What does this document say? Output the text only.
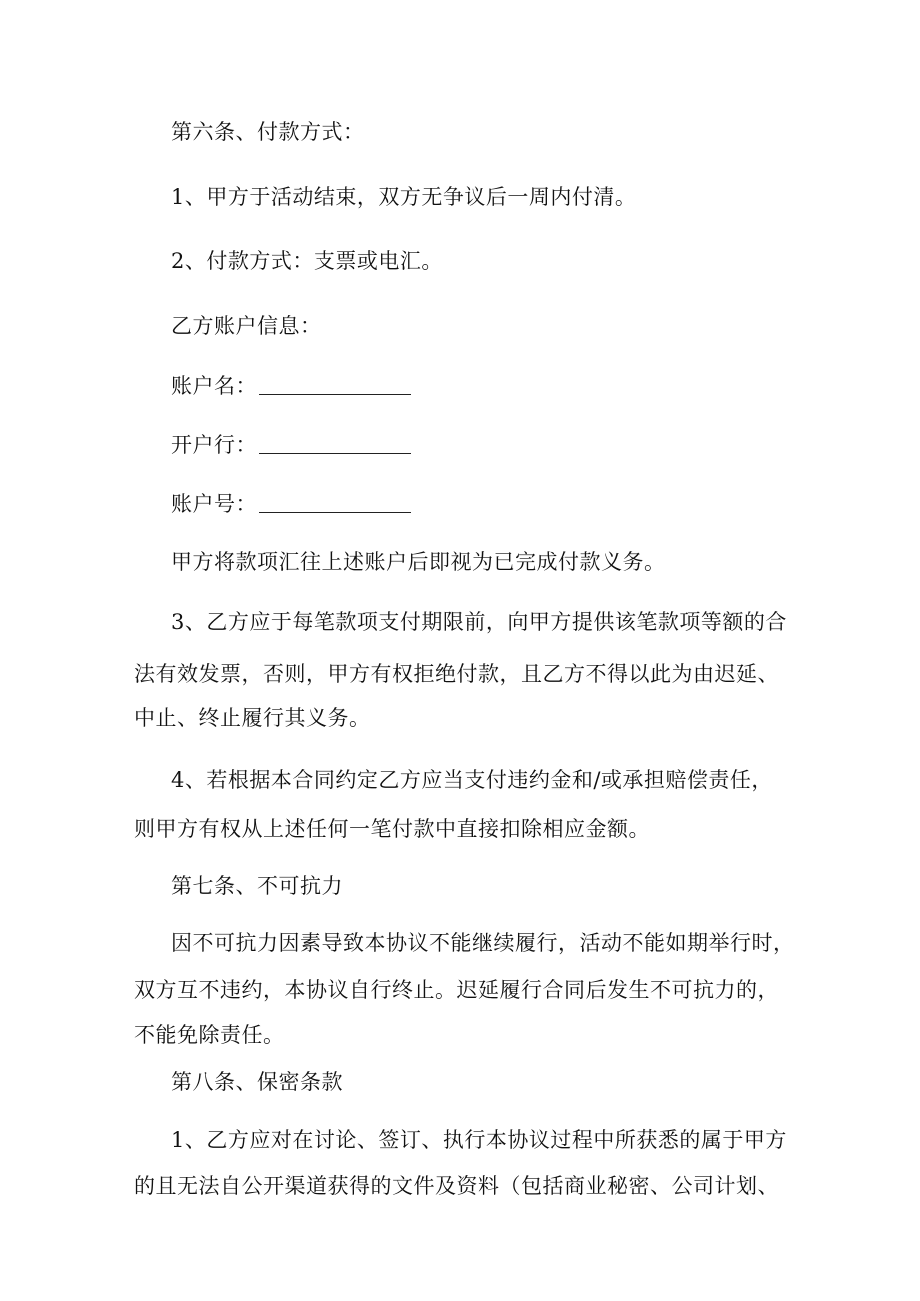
第六条、付款方式：
1、甲方于活动结束，双方无争议后一周内付清。
2、付款方式：支票或电汇。
乙方账户信息：
账户名：
开户行：
账户号：
甲方将款项汇往上述账户后即视为已完成付款义务。
3、乙方应于每笔款项支付期限前，向甲方提供该笔款项等额的合
法有效发票，否则，甲方有权拒绝付款，且乙方不得以此为由迟延、
中止、终止履行其义务。
4、若根据本合同约定乙方应当支付违约金和/或承担赔偿责任，
则甲方有权从上述任何一笔付款中直接扣除相应金额。
第七条、不可抗力
因不可抗力因素导致本协议不能继续履行，活动不能如期举行时，
双方互不违约，本协议自行终止。迟延履行合同后发生不可抗力的，
不能免除责任。
第八条、保密条款
1、乙方应对在讨论、签订、执行本协议过程中所获悉的属于甲方
的且无法自公开渠道获得的文件及资料（包括商业秘密、公司计划、
